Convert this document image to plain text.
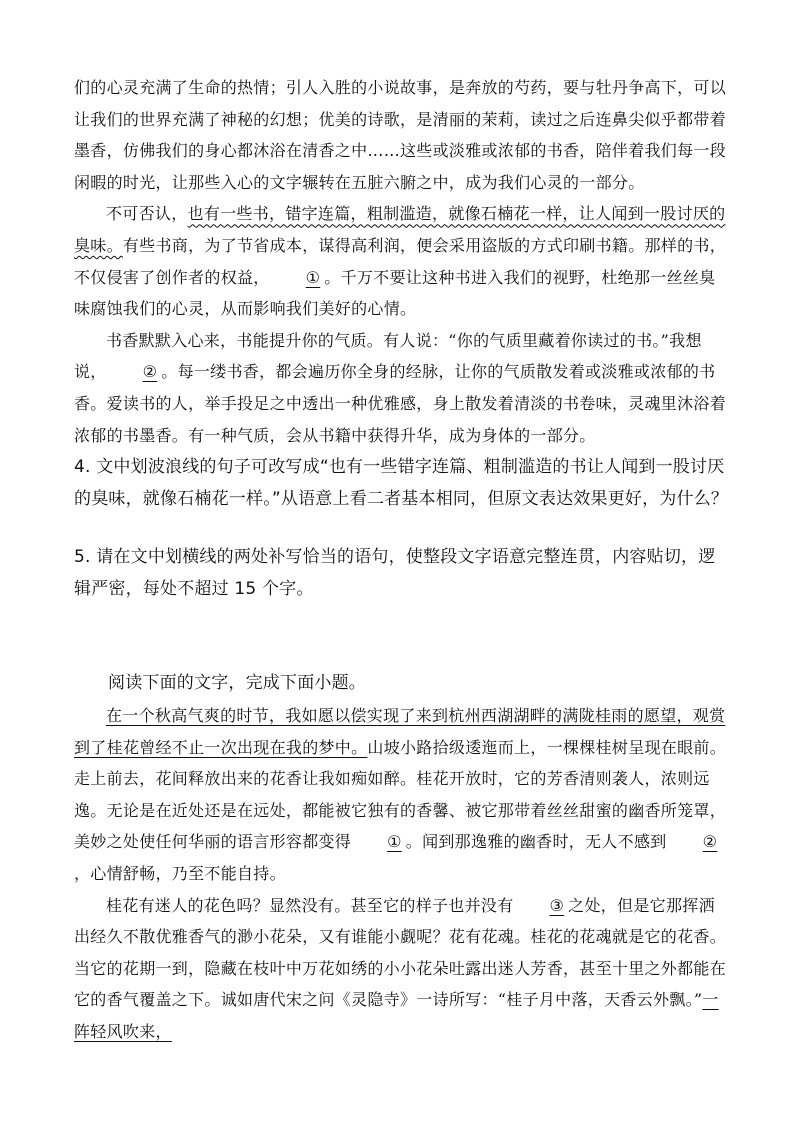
们的心灵充满了生命的热情；引人入胜的小说故事，是奔放的芍药，要与牡丹争高下，可以让我们的世界充满了神秘的幻想；优美的诗歌，是清丽的茉莉，读过之后连鼻尖似乎都带着墨香，仿佛我们的身心都沐浴在清香之中……这些或淡雅或浓郁的书香，陪伴着我们每一段闲暇的时光，让那些入心的文字辗转在五脏六腑之中，成为我们心灵的一部分。

不可否认，也有一些书，错字连篇，粗制滥造，就像石楠花一样，让人闻到一股讨厌的臭味。有些书商，为了节省成本，谋得高利润，便会采用盗版的方式印刷书籍。那样的书，不仅侵害了创作者的权益， ① 。千万不要让这种书进入我们的视野，杜绝那一丝丝臭味腐蚀我们的心灵，从而影响我们美好的心情。

书香默默入心来，书能提升你的气质。有人说：“你的气质里藏着你读过的书。”我想说， ② 。每一缕书香，都会遍历你全身的经脉，让你的气质散发着或淡雅或浓郁的书香。爱读书的人，举手投足之中透出一种优雅感，身上散发着清淡的书卷味，灵魂里沐浴着浓郁的书墨香。有一种气质，会从书籍中获得升华，成为身体的一部分。

4. 文中划波浪线的句子可改写成“也有一些错字连篇、粗制滥造的书让人闻到一股讨厌的臭味，就像石楠花一样。”从语意上看二者基本相同，但原文表达效果更好，为什么？

5. 请在文中划横线的两处补写恰当的语句，使整段文字语意完整连贯，内容贴切，逻辑严密，每处不超过 15 个字。

阅读下面的文字，完成下面小题。

在一个秋高气爽的时节，我如愿以偿实现了来到杭州西湖湖畔的满陇桂雨的愿望，观赏到了桂花曾经不止一次出现在我的梦中。山坡小路拾级逶迤而上，一棵棵桂树呈现在眼前。走上前去，花间释放出来的花香让我如痴如醉。桂花开放时，它的芳香清则袭人，浓则远逸。无论是在近处还是在远处，都能被它独有的香馨、被它那带着丝丝甜蜜的幽香所笼罩，美妙之处使任何华丽的语言形容都变得 ① 。闻到那逸雅的幽香时，无人不感到 ②，心情舒畅，乃至不能自持。

桂花有迷人的花色吗？显然没有。甚至它的样子也并没有 ③ 之处，但是它那挥洒出经久不散优雅香气的渺小花朵，又有谁能小觑呢？花有花魂。桂花的花魂就是它的花香。当它的花期一到，隐藏在枝叶中万花如绣的小小花朵吐露出迷人芳香，甚至十里之外都能在它的香气覆盖之下。诚如唐代宋之问《灵隐寺》一诗所写：“桂子月中落，天香云外飘。”一阵轻风吹来，
